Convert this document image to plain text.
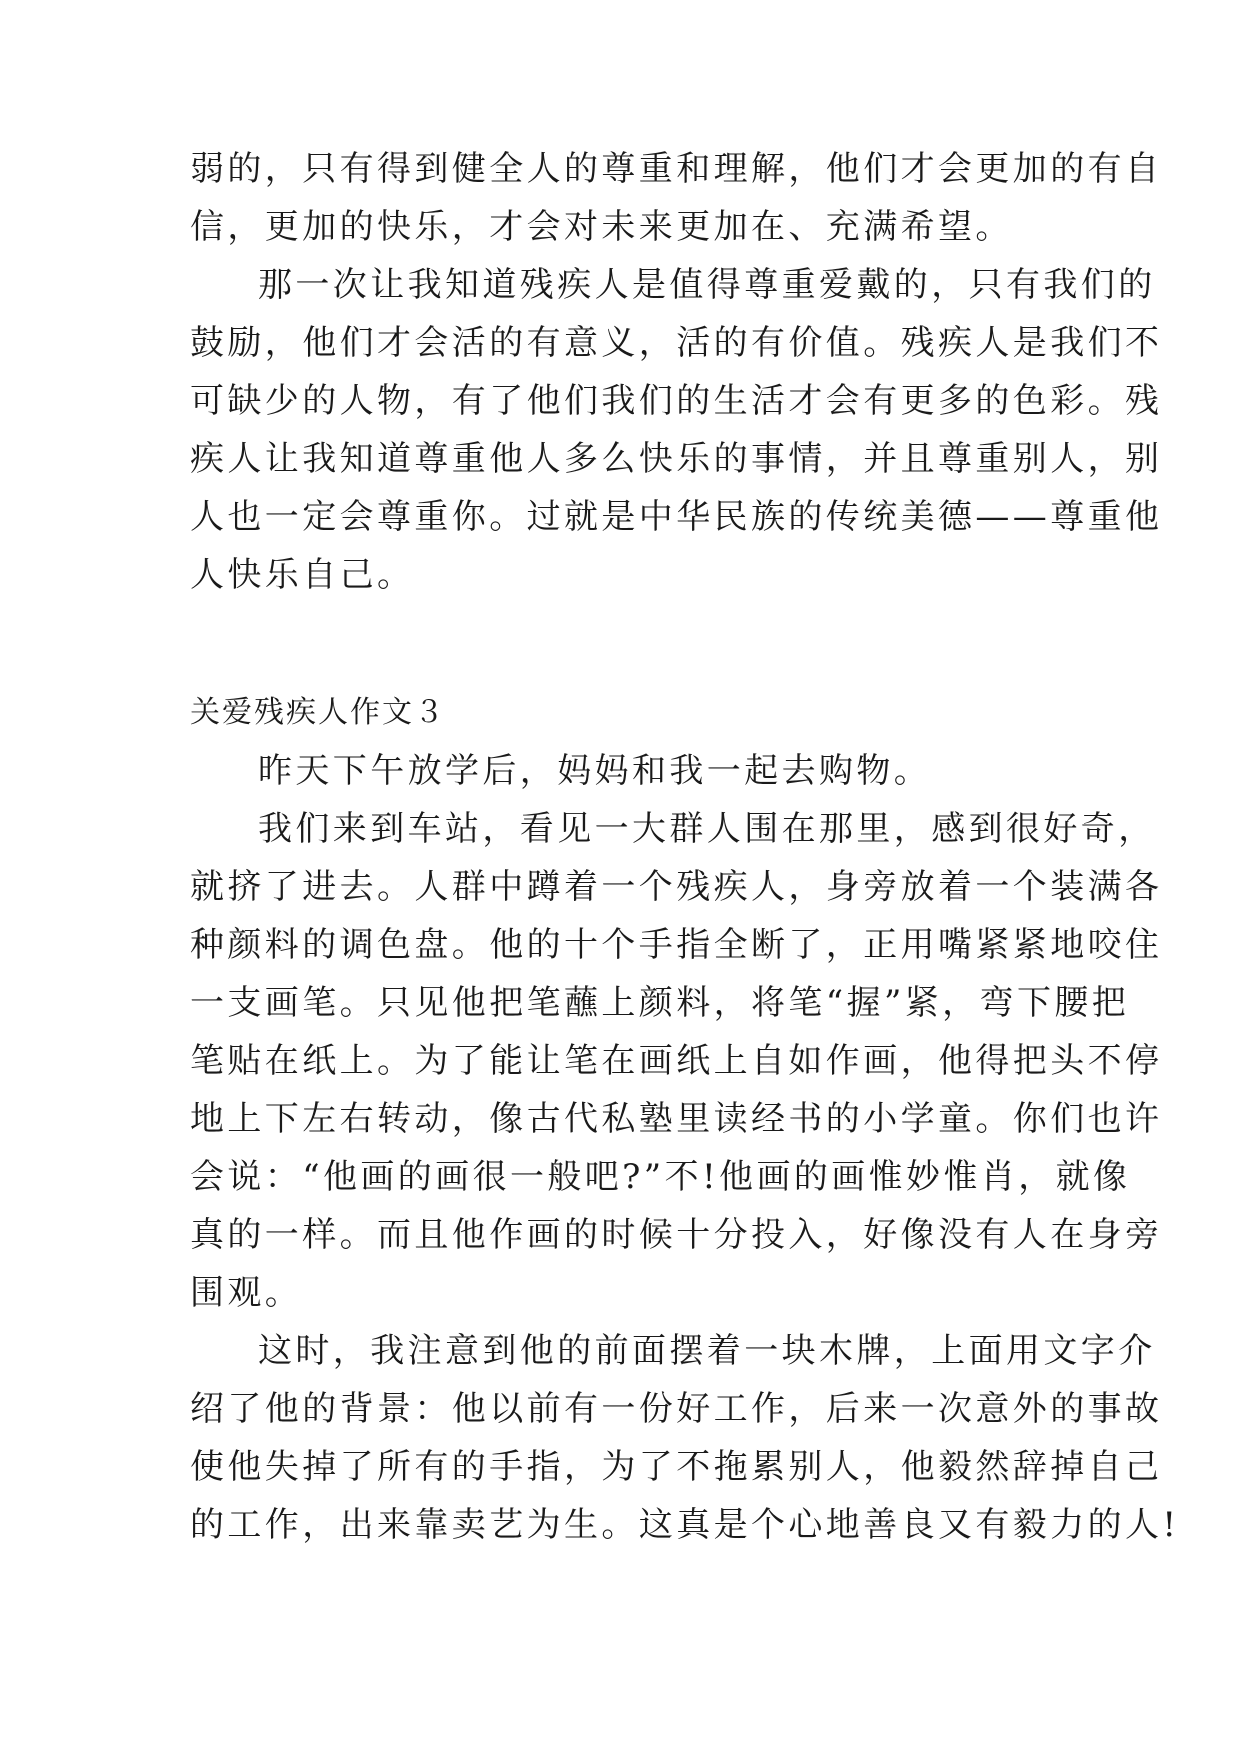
弱的，只有得到健全人的尊重和理解，他们才会更加的有自
信，更加的快乐，才会对未来更加在、充满希望。
那一次让我知道残疾人是值得尊重爱戴的，只有我们的
鼓励，他们才会活的有意义，活的有价值。残疾人是我们不
可缺少的人物，有了他们我们的生活才会有更多的色彩。残
疾人让我知道尊重他人多么快乐的事情，并且尊重别人，别
人也一定会尊重你。过就是中华民族的传统美德——尊重他
人快乐自己。
关爱残疾人作文３
昨天下午放学后，妈妈和我一起去购物。
我们来到车站，看见一大群人围在那里，感到很好奇，
就挤了进去。人群中蹲着一个残疾人，身旁放着一个装满各
种颜料的调色盘。他的十个手指全断了，正用嘴紧紧地咬住
一支画笔。只见他把笔蘸上颜料，将笔“握”紧，弯下腰把
笔贴在纸上。为了能让笔在画纸上自如作画，他得把头不停
地上下左右转动，像古代私塾里读经书的小学童。你们也许
会说：“他画的画很一般吧?”不!他画的画惟妙惟肖，就像
真的一样。而且他作画的时候十分投入，好像没有人在身旁
围观。
这时，我注意到他的前面摆着一块木牌，上面用文字介
绍了他的背景：他以前有一份好工作，后来一次意外的事故
使他失掉了所有的手指，为了不拖累别人，他毅然辞掉自己
的工作，出来靠卖艺为生。这真是个心地善良又有毅力的人!
